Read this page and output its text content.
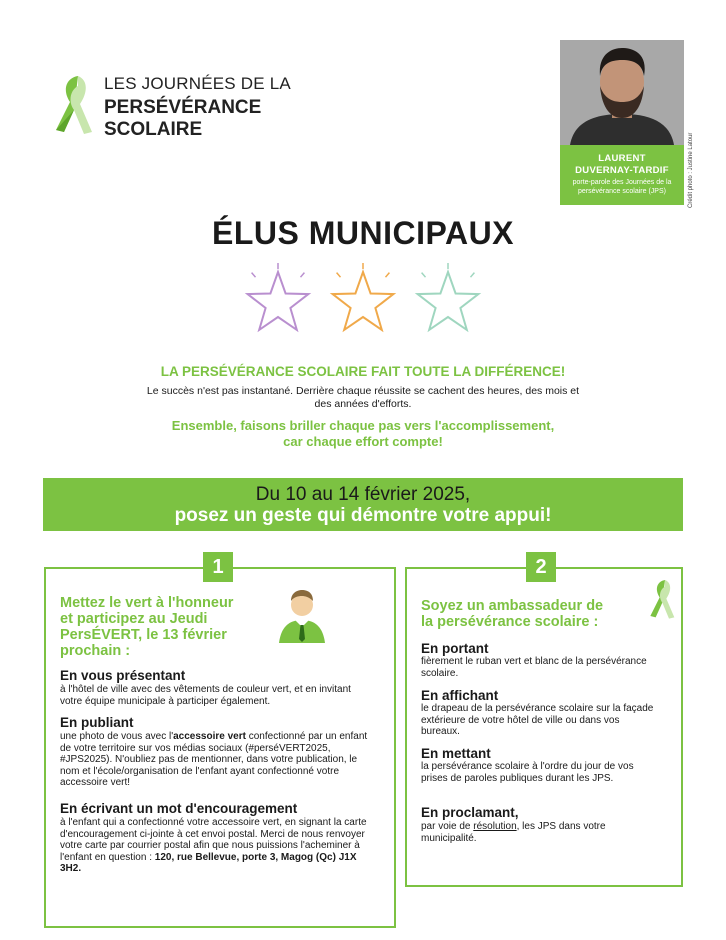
LES JOURNÉES DE LA
PERSÉVÉRANCE
SCOLAIRE
LAURENT
DUVERNAY-TARDIF
porte-parole des Journées de la persévérance scolaire (JPS)	Crédit photo : Justine Latour
ÉLUS MUNICIPAUX
LA PERSÉVÉRANCE SCOLAIRE FAIT TOUTE LA DIFFÉRENCE!
Le succès n'est pas instantané. Derrière chaque réussite se cachent des heures, des mois et
des années d'efforts.
Ensemble, faisons briller chaque pas vers l'accomplissement,
car chaque effort compte!
Du 10 au 14 février 2025,
posez un geste qui démontre votre appui!
Mettez le vert à l'honneur
et participez au Jeudi
PersÉVERT, le 13 février
prochain :
En vous présentant
à l'hôtel de ville avec des vêtements de couleur vert, et en invitant votre équipe municipale à participer également.
En publiant
une photo de vous avec l'accessoire vert confectionné par un enfant de votre territoire sur vos médias sociaux (#perséVERT2025, #JPS2025). N'oubliez pas de mentionner, dans votre publication, le nom et l'école/organisation de l'enfant ayant confectionné votre accessoire vert!
En écrivant un mot d'encouragement
à l'enfant qui a confectionné votre accessoire vert, en signant la carte d'encouragement ci-jointe à cet envoi postal. Merci de nous renvoyer votre carte par courrier postal afin que nous puissions l'acheminer à l'enfant en question : 120, rue Bellevue, porte 3, Magog (Qc) J1X 3H2.
1
Soyez un ambassadeur de
la persévérance scolaire :
En portant
fièrement le ruban vert et blanc de la persévérance scolaire.
En affichant
le drapeau de la persévérance scolaire sur la façade extérieure de votre hôtel de ville ou dans vos bureaux.
En mettant
la persévérance scolaire à l'ordre du jour de vos prises de paroles publiques durant les JPS.
En proclamant,
par voie de résolution, les JPS dans votre municipalité.
2
